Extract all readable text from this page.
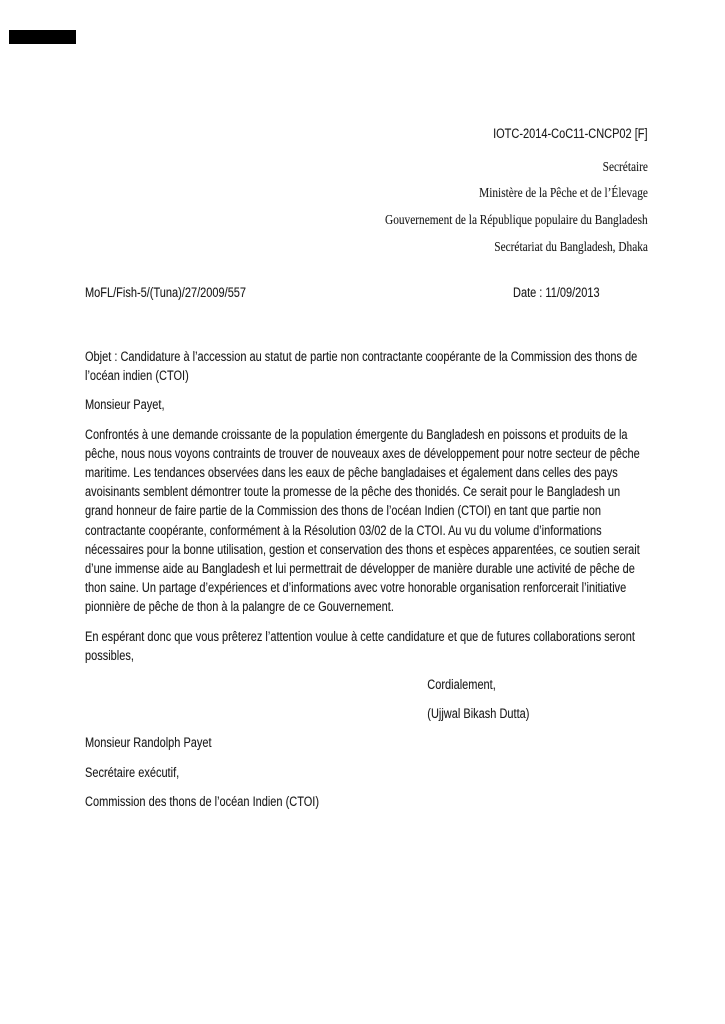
IOTC-2014-CoC11-CNCP02 [F]
Secrétaire
Ministère de la Pêche et de l’Élevage
Gouvernement de la République populaire du Bangladesh
Secrétariat du Bangladesh, Dhaka
MoFL/Fish-5/(Tuna)/27/2009/557	Date : 11/09/2013

Objet : Candidature à l’accession au statut de partie non contractante coopérante de la Commission des thons de l’océan indien (CTOI)

Monsieur Payet,

Confrontés à une demande croissante de la population émergente du Bangladesh en poissons et produits de la pêche, nous nous voyons contraints de trouver de nouveaux axes de développement pour notre secteur de pêche maritime. Les tendances observées dans les eaux de pêche bangladaises et également dans celles des pays avoisinants semblent démontrer toute la promesse de la pêche des thonidés. Ce serait pour le Bangladesh un grand honneur de faire partie de la Commission des thons de l’océan Indien (CTOI) en tant que partie non contractante coopérante, conformément à la Résolution 03/02 de la CTOI. Au vu du volume d’informations nécessaires pour la bonne utilisation, gestion et conservation des thons et espèces apparentées, ce soutien serait d’une immense aide au Bangladesh et lui permettrait de développer de manière durable une activité de pêche de thon saine. Un partage d’expériences et d’informations avec votre honorable organisation renforcerait l’initiative pionnière de pêche de thon à la palangre de ce Gouvernement.

En espérant donc que vous prêterez l’attention voulue à cette candidature et que de futures collaborations seront possibles,

Cordialement,

(Ujjwal Bikash Dutta)

Monsieur Randolph Payet

Secrétaire exécutif,

Commission des thons de l’océan Indien (CTOI)
